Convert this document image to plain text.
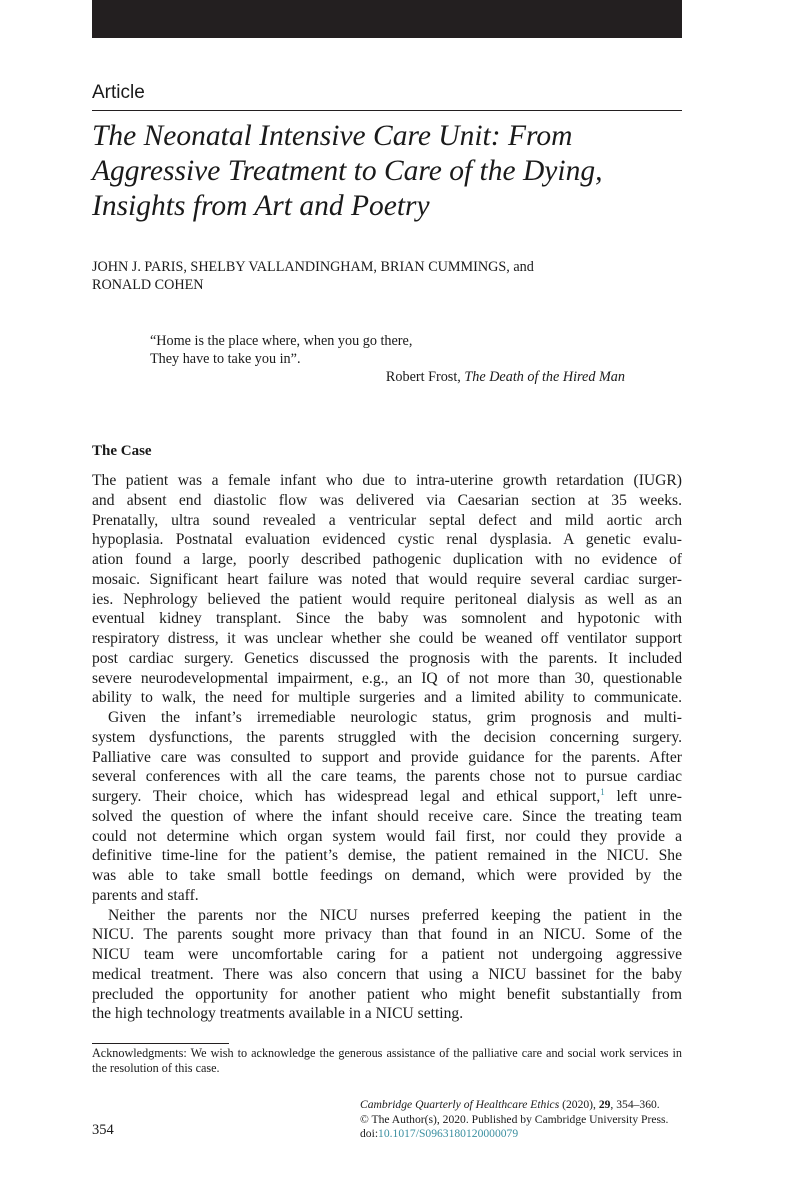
Article
The Neonatal Intensive Care Unit: From
Aggressive Treatment to Care of the Dying,
Insights from Art and Poetry
JOHN J. PARIS, SHELBY VALLANDINGHAM, BRIAN CUMMINGS, and
RONALD COHEN
“Home is the place where, when you go there,
They have to take you in”.
Robert Frost, The Death of the Hired Man
The Case
The patient was a female infant who due to intra-uterine growth retardation (IUGR)
and absent end diastolic flow was delivered via Caesarian section at 35 weeks.
Prenatally, ultra sound revealed a ventricular septal defect and mild aortic arch
hypoplasia. Postnatal evaluation evidenced cystic renal dysplasia. A genetic evalu-
ation found a large, poorly described pathogenic duplication with no evidence of
mosaic. Significant heart failure was noted that would require several cardiac surger-
ies. Nephrology believed the patient would require peritoneal dialysis as well as an
eventual kidney transplant. Since the baby was somnolent and hypotonic with
respiratory distress, it was unclear whether she could be weaned off ventilator support
post cardiac surgery. Genetics discussed the prognosis with the parents. It included
severe neurodevelopmental impairment, e.g., an IQ of not more than 30, questionable
ability to walk, the need for multiple surgeries and a limited ability to communicate.
Given the infant’s irremediable neurologic status, grim prognosis and multi-
system dysfunctions, the parents struggled with the decision concerning surgery.
Palliative care was consulted to support and provide guidance for the parents. After
several conferences with all the care teams, the parents chose not to pursue cardiac
surgery. Their choice, which has widespread legal and ethical support,$^1$ left unre-
solved the question of where the infant should receive care. Since the treating team
could not determine which organ system would fail first, nor could they provide a
definitive time-line for the patient’s demise, the patient remained in the NICU. She
was able to take small bottle feedings on demand, which were provided by the
parents and staff.
Neither the parents nor the NICU nurses preferred keeping the patient in the
NICU. The parents sought more privacy than that found in an NICU. Some of the
NICU team were uncomfortable caring for a patient not undergoing aggressive
medical treatment. There was also concern that using a NICU bassinet for the baby
precluded the opportunity for another patient who might benefit substantially from
the high technology treatments available in a NICU setting.
Acknowledgments: We wish to acknowledge the generous assistance of the palliative care and social work services in the resolution of this case.
Cambridge Quarterly of Healthcare Ethics (2020), 29, 354–360.
© The Author(s), 2020. Published by Cambridge University Press.
doi:10.1017/S0963180120000079
354
